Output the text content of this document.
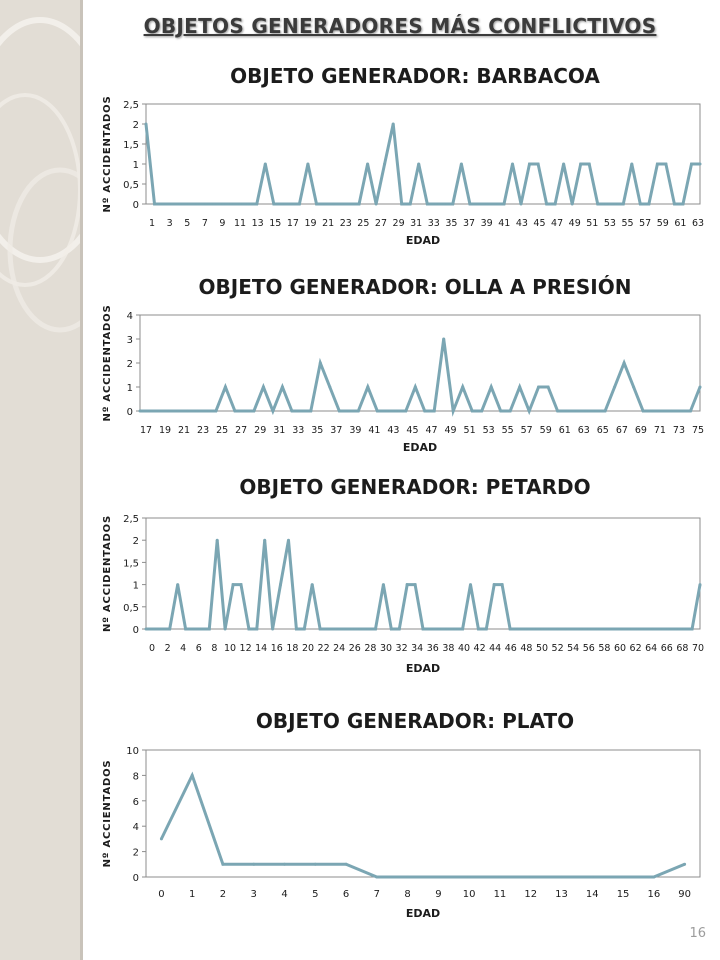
OBJETOS GENERADORES MÁS CONFLICTIVOS
OBJETO GENERADOR: BARBACOA
0
0,5
1
1,5
2
2,5
Nº ACCIDENTADOS
EDAD
1 3 5 7 9 11 13 15 17 19 21 23 25 27 29 31 33 35 37 39 41 43 45 47 49 51 53 55 57 59 61 63
OBJETO GENERADOR: OLLA A PRESIÓN
0
1
2
3
4
Nº ACCIDENTADOS
EDAD
17 19 21 23 25 27 29 31 33 35 37 39 41 43 45 47 49 51 53 55 57 59 61 63 65 67 69 71 73 75
OBJETO GENERADOR: PETARDO
0
0,5
1
1,5
2
2,5
Nº ACCIDENTADOS
EDAD
0 2 4 6 8 10 12 14 16 18 20 22 24 26 28 30 32 34 36 38 40 42 44 46 48 50 52 54 56 58 60 62 64 66 68 70
OBJETO GENERADOR: PLATO
0
2
4
6
8
10
Nº ACCIENTADOS
EDAD
0 1 2 3 4 5 6 7 8 9 10 11 12 13 14 15 16 90
16
